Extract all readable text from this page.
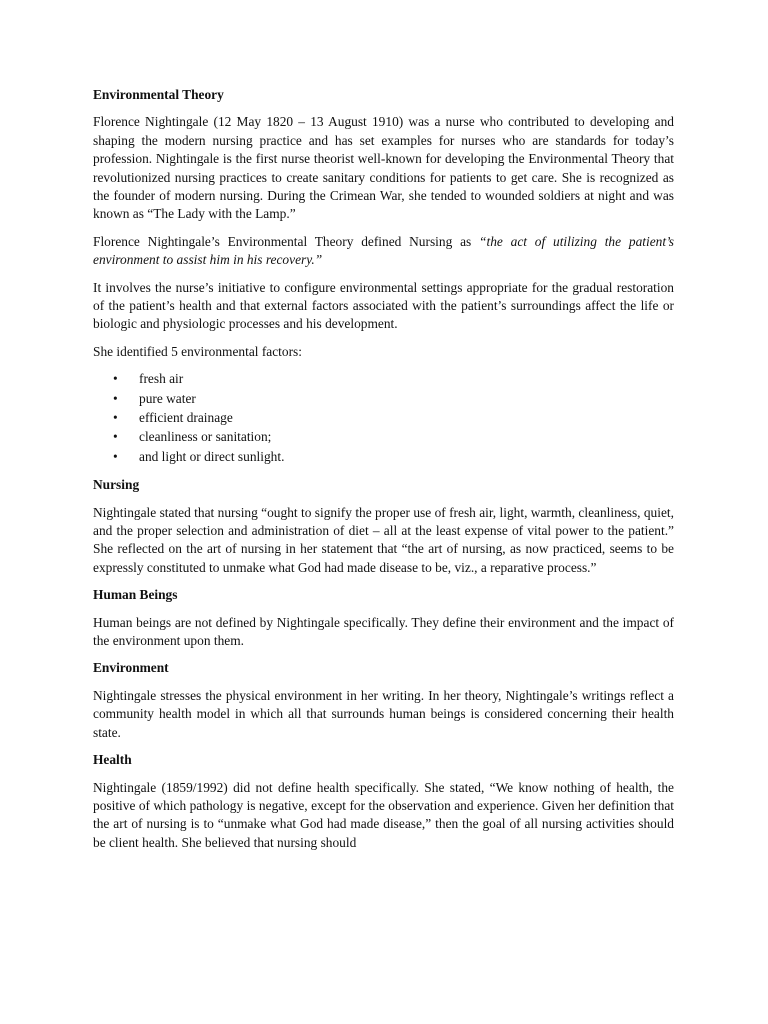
Environmental Theory

Florence Nightingale (12 May 1820 – 13 August 1910) was a nurse who contributed to developing and shaping the modern nursing practice and has set examples for nurses who are standards for today’s profession. Nightingale is the first nurse theorist well-known for developing the Environmental Theory that revolutionized nursing practices to create sanitary conditions for patients to get care. She is recognized as the founder of modern nursing. During the Crimean War, she tended to wounded soldiers at night and was known as “The Lady with the Lamp.”

Florence Nightingale’s Environmental Theory defined Nursing as “the act of utilizing the patient’s environment to assist him in his recovery.”

It involves the nurse’s initiative to configure environmental settings appropriate for the gradual restoration of the patient’s health and that external factors associated with the patient’s surroundings affect the life or biologic and physiologic processes and his development.

She identified 5 environmental factors:

• fresh air
• pure water
• efficient drainage
• cleanliness or sanitation;
• and light or direct sunlight.
Nursing

Nightingale stated that nursing “ought to signify the proper use of fresh air, light, warmth, cleanliness, quiet, and the proper selection and administration of diet – all at the least expense of vital power to the patient.” She reflected on the art of nursing in her statement that “the art of nursing, as now practiced, seems to be expressly constituted to unmake what God had made disease to be, viz., a reparative process.”

Human Beings

Human beings are not defined by Nightingale specifically. They define their environment and the impact of the environment upon them.

Environment

Nightingale stresses the physical environment in her writing. In her theory, Nightingale’s writings reflect a community health model in which all that surrounds human beings is considered concerning their health state.

Health

Nightingale (1859/1992) did not define health specifically. She stated, “We know nothing of health, the positive of which pathology is negative, except for the observation and experience. Given her definition that the art of nursing is to “unmake what God had made disease,” then the goal of all nursing activities should be client health. She believed that nursing should
